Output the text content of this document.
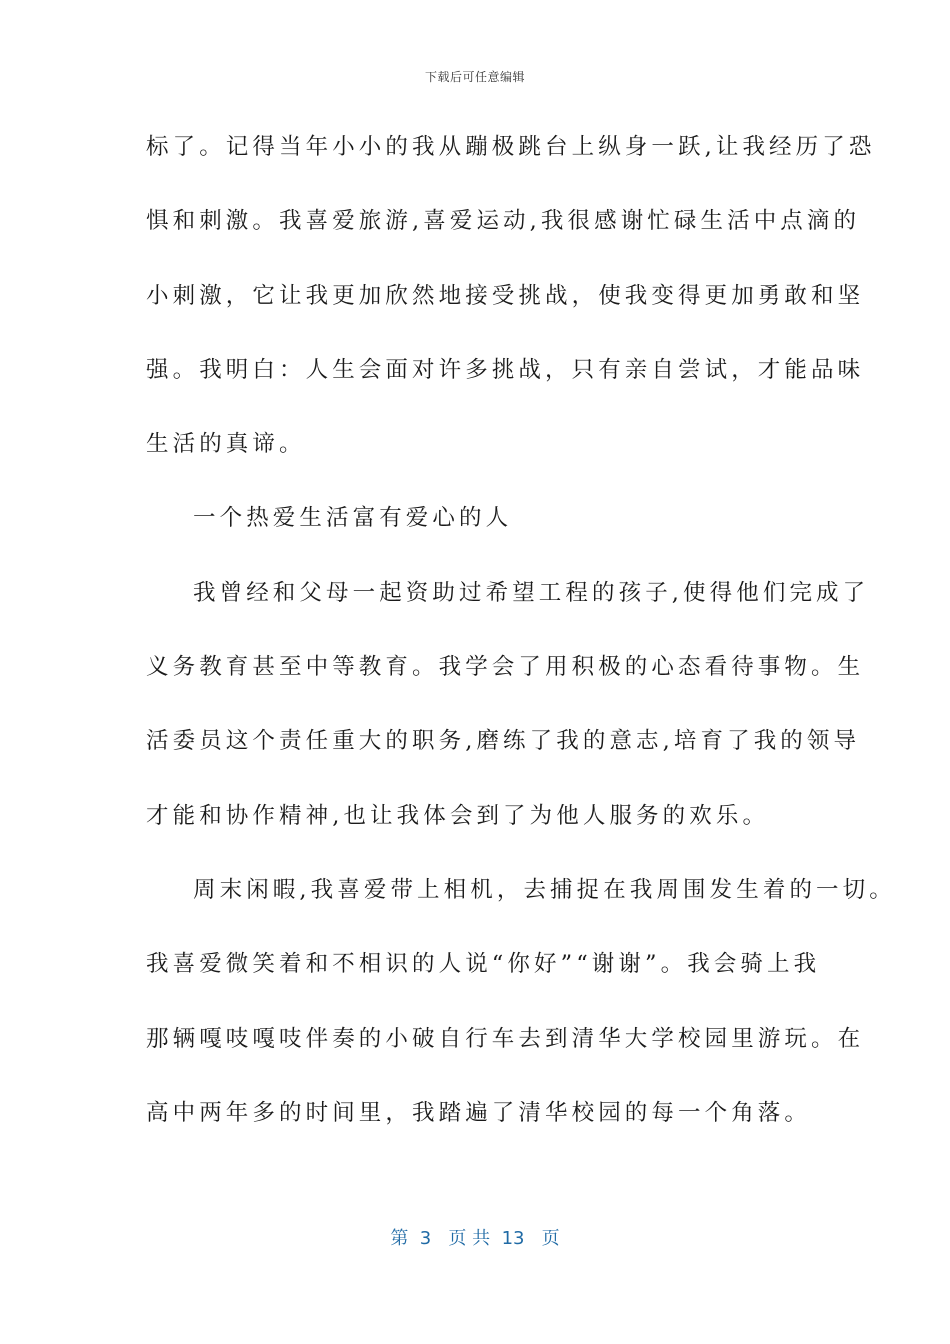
下载后可任意编辑
标了。记得当年小小的我从蹦极跳台上纵身一跃,让我经历了恐
惧和刺激。我喜爱旅游,喜爱运动,我很感谢忙碌生活中点滴的
小刺激，它让我更加欣然地接受挑战，使我变得更加勇敢和坚
强。我明白：人生会面对许多挑战，只有亲自尝试，才能品味
生活的真谛。
一个热爱生活富有爱心的人
我曾经和父母一起资助过希望工程的孩子,使得他们完成了
义务教育甚至中等教育。我学会了用积极的心态看待事物。生
活委员这个责任重大的职务,磨练了我的意志,培育了我的领导
才能和协作精神,也让我体会到了为他人服务的欢乐。
周末闲暇,我喜爱带上相机，去捕捉在我周围发生着的一切。
我喜爱微笑着和不相识的人说“你好”“谢谢”。我会骑上我
那辆嘎吱嘎吱伴奏的小破自行车去到清华大学校园里游玩。在
高中两年多的时间里，我踏遍了清华校园的每一个角落。
第  3   页 共  13   页
